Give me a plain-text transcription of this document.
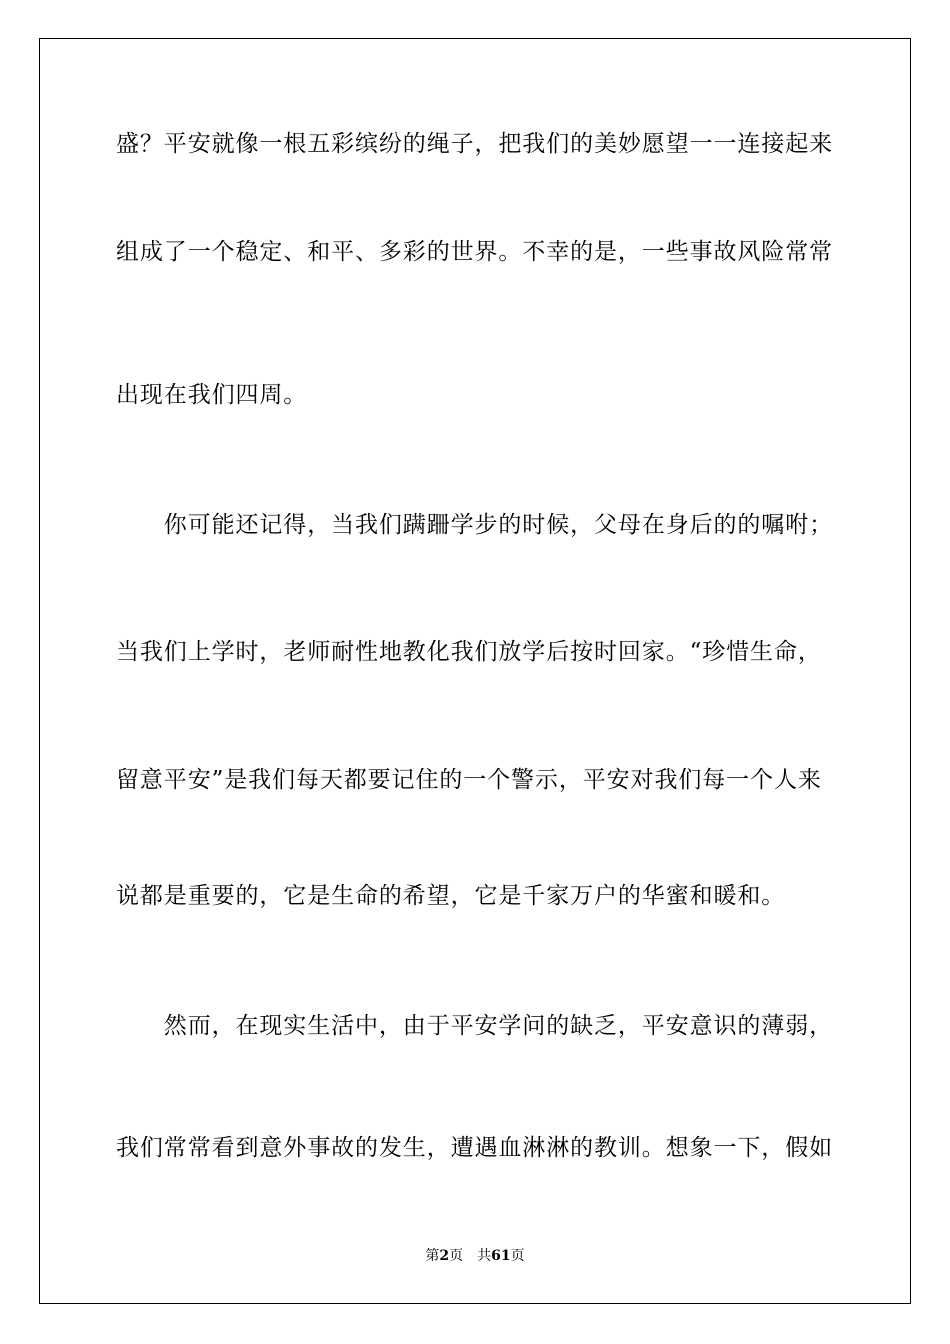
盛？平安就像一根五彩缤纷的绳子，把我们的美妙愿望一一连接起来
组成了一个稳定、和平、多彩的世界。不幸的是，一些事故风险常常
出现在我们四周。
　　你可能还记得，当我们蹒跚学步的时候，父母在身后的的嘱咐；
当我们上学时，老师耐性地教化我们放学后按时回家。“珍惜生命，
留意平安”是我们每天都要记住的一个警示，平安对我们每一个人来
说都是重要的，它是生命的希望，它是千家万户的华蜜和暖和。
　　然而，在现实生活中，由于平安学问的缺乏，平安意识的薄弱，
我们常常看到意外事故的发生，遭遇血淋淋的教训。想象一下，假如
第2页 共61页
